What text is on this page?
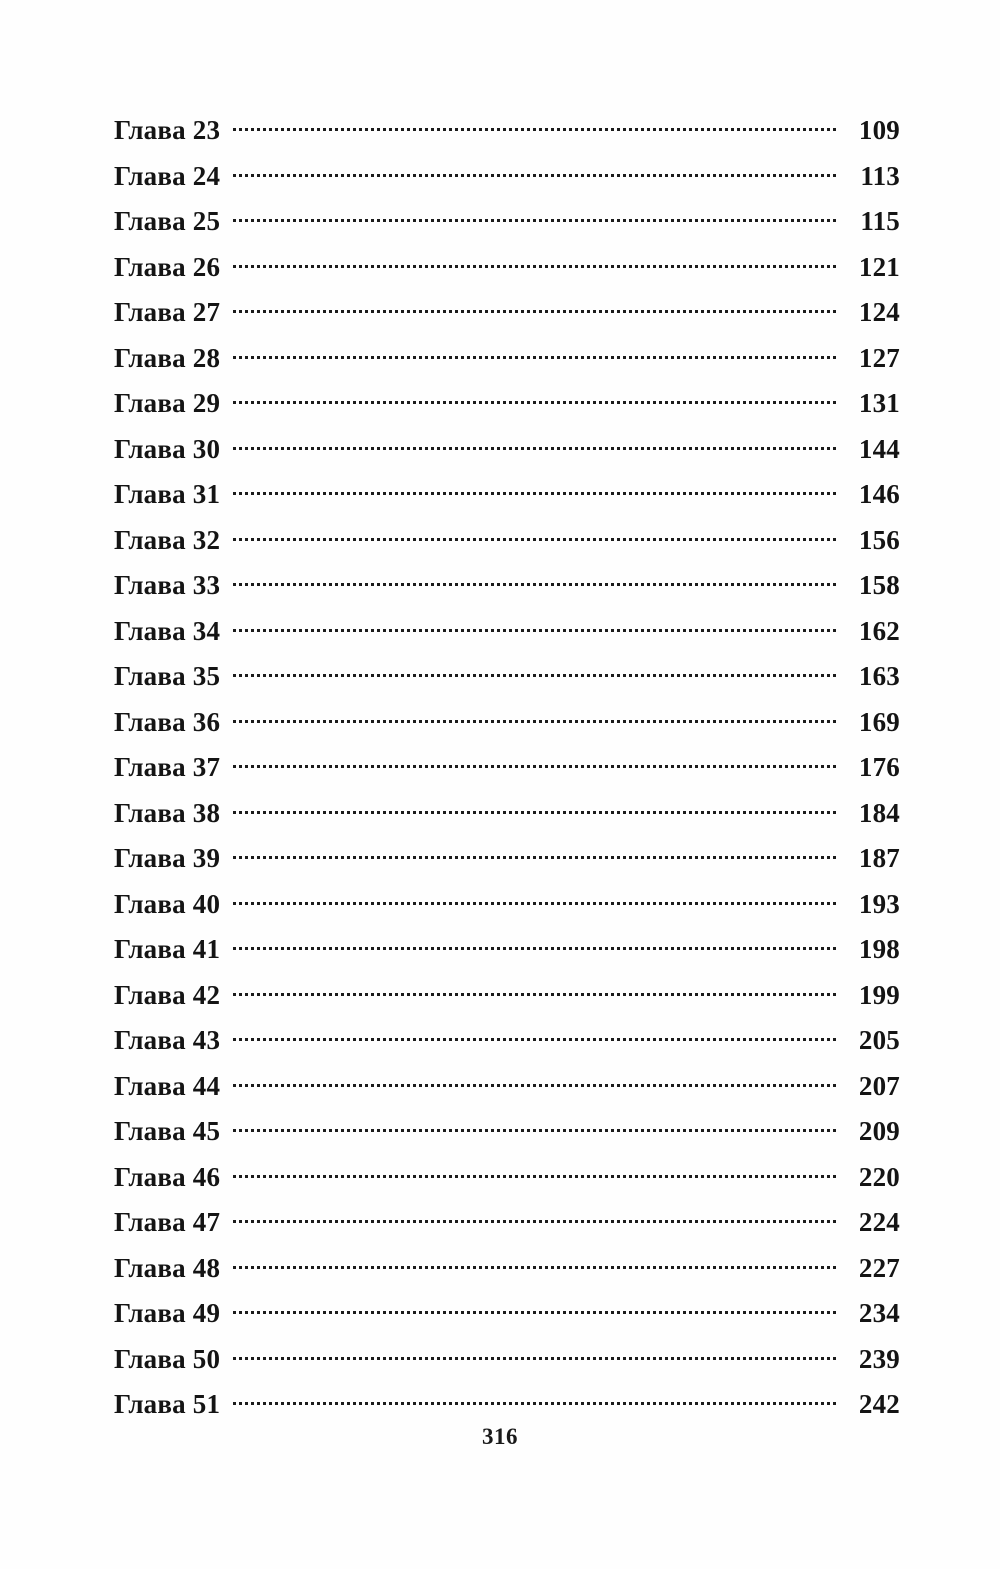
Глава 23	109
Глава 24	113
Глава 25	115
Глава 26	121
Глава 27	124
Глава 28	127
Глава 29	131
Глава 30	144
Глава 31	146
Глава 32	156
Глава 33	158
Глава 34	162
Глава 35	163
Глава 36	169
Глава 37	176
Глава 38	184
Глава 39	187
Глава 40	193
Глава 41	198
Глава 42	199
Глава 43	205
Глава 44	207
Глава 45	209
Глава 46	220
Глава 47	224
Глава 48	227
Глава 49	234
Глава 50	239
Глава 51	242
316
